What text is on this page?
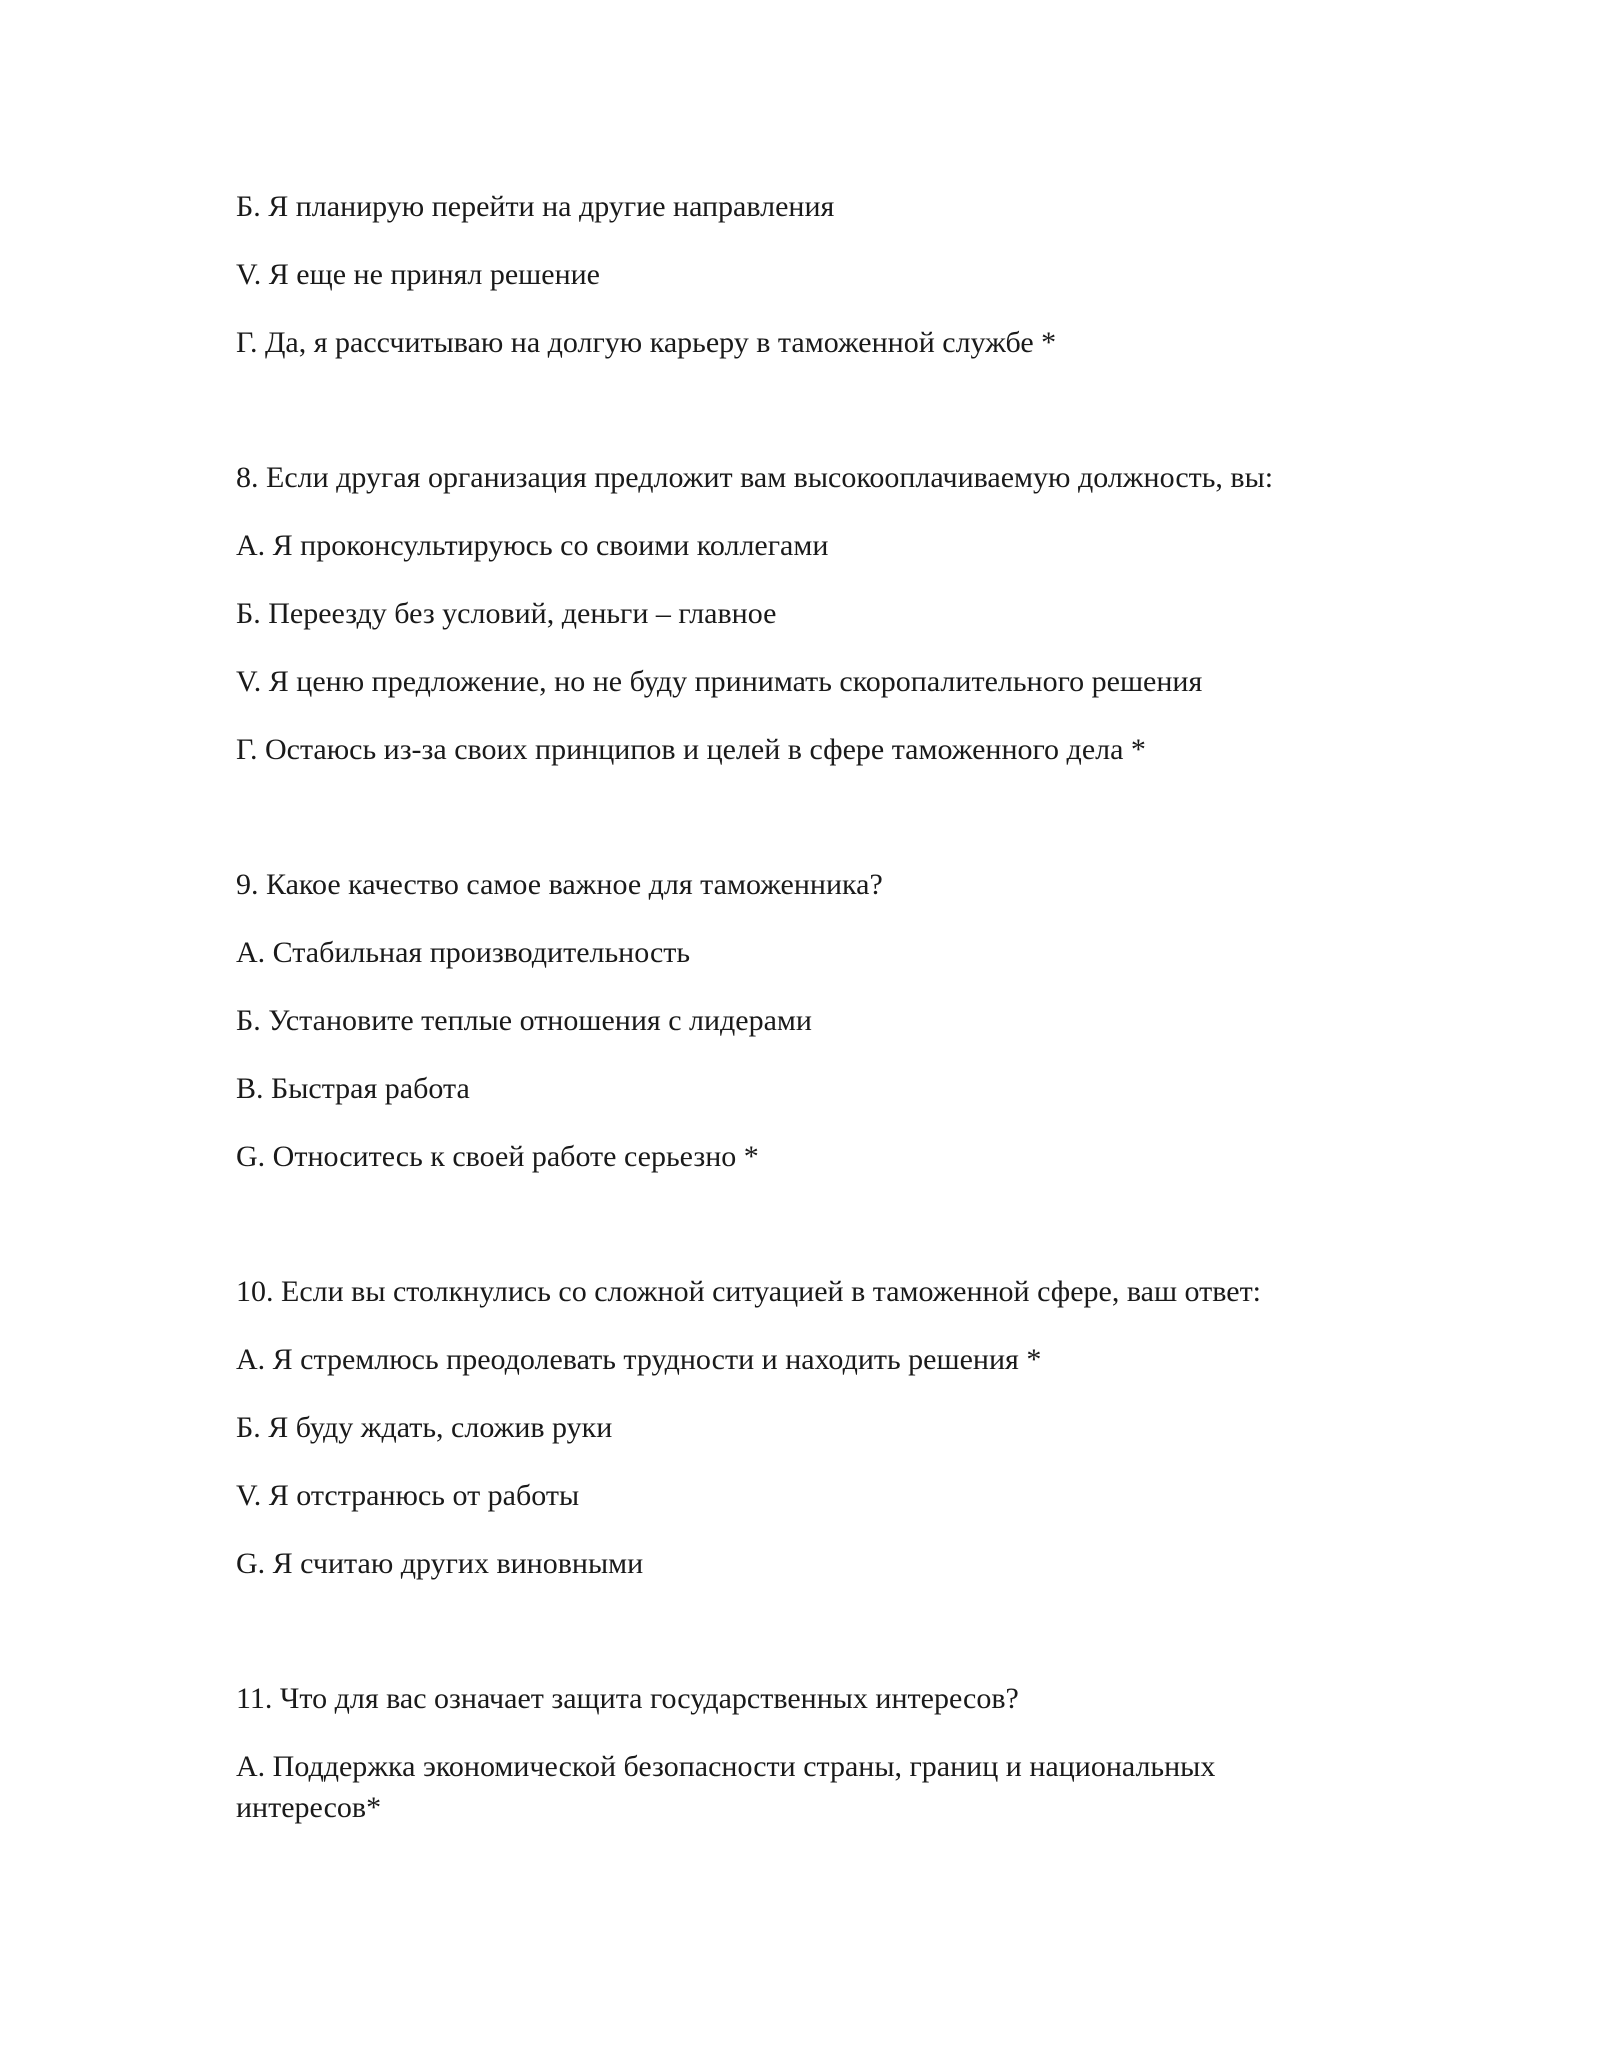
Б. Я планирую перейти на другие направления

V. Я еще не принял решение

Г. Да, я рассчитываю на долгую карьеру в таможенной службе *

8. Если другая организация предложит вам высокооплачиваемую должность, вы:

А. Я проконсультируюсь со своими коллегами

Б. Переезду без условий, деньги – главное

V. Я ценю предложение, но не буду принимать скоропалительного решения

Г. Остаюсь из-за своих принципов и целей в сфере таможенного дела *

9. Какое качество самое важное для таможенника?

А. Стабильная производительность

Б. Установите теплые отношения с лидерами

В. Быстрая работа

G. Относитесь к своей работе серьезно *

10. Если вы столкнулись со сложной ситуацией в таможенной сфере, ваш ответ:

А. Я стремлюсь преодолевать трудности и находить решения *

Б. Я буду ждать, сложив руки

V. Я отстранюсь от работы

G. Я считаю других виновными

11. Что для вас означает защита государственных интересов?

А. Поддержка экономической безопасности страны, границ и национальных интересов*
